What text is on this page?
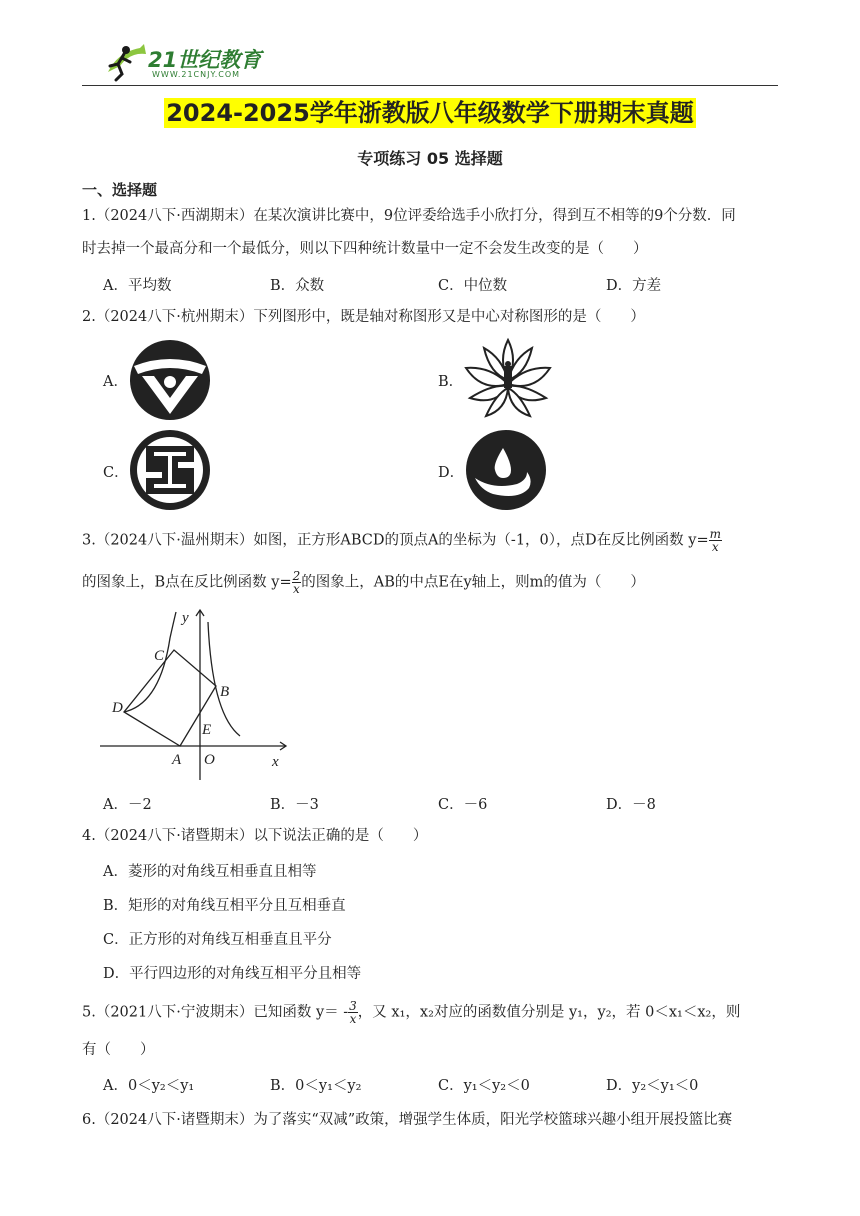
21世纪教育
WWW.21CNJY.COM
2024-2025学年浙教版八年级数学下册期末真题
专项练习 05 选择题
一、选择题
1.（2024八下·西湖期末）在某次演讲比赛中，9位评委给选手小欣打分，得到互不相等的9个分数．同
时去掉一个最高分和一个最低分，则以下四种统计数量中一定不会发生改变的是（　　）
A．平均数	B．众数	C．中位数	D．方差
2.（2024八下·杭州期末）下列图形中，既是轴对称图形又是中心对称图形的是（　　）
A．	B．
C．	D．
3.（2024八下·温州期末）如图，正方形ABCD的顶点A的坐标为（-1，0），点D在反比例函数 $y= \frac{m}{x}$
的图象上，B点在反比例函数 $y= \frac{2}{x}$ 的图象上，AB的中点E在y轴上，则m的值为（　　）
y
x
C
D
B
E
A O
A．－2	B．－3	C．－6	D．－8
4.（2024八下·诸暨期末）以下说法正确的是（　　）
A．菱形的对角线互相垂直且相等
B．矩形的对角线互相平分且互相垂直
C．正方形的对角线互相垂直且平分
D．平行四边形的对角线互相平分且相等
5.（2021八下·宁波期末）已知函数 $y= - \frac{3}{x}$ ，又 x₁，x₂对应的函数值分别是 y₁，y₂，若 0＜x₁＜x₂，则
有（　　）
A．0＜y₂＜y₁	B．0＜y₁＜y₂	C．y₁＜y₂＜0	D．y₂＜y₁＜0
6.（2024八下·诸暨期末）为了落实“双减”政策，增强学生体质，阳光学校篮球兴趣小组开展投篮比赛
